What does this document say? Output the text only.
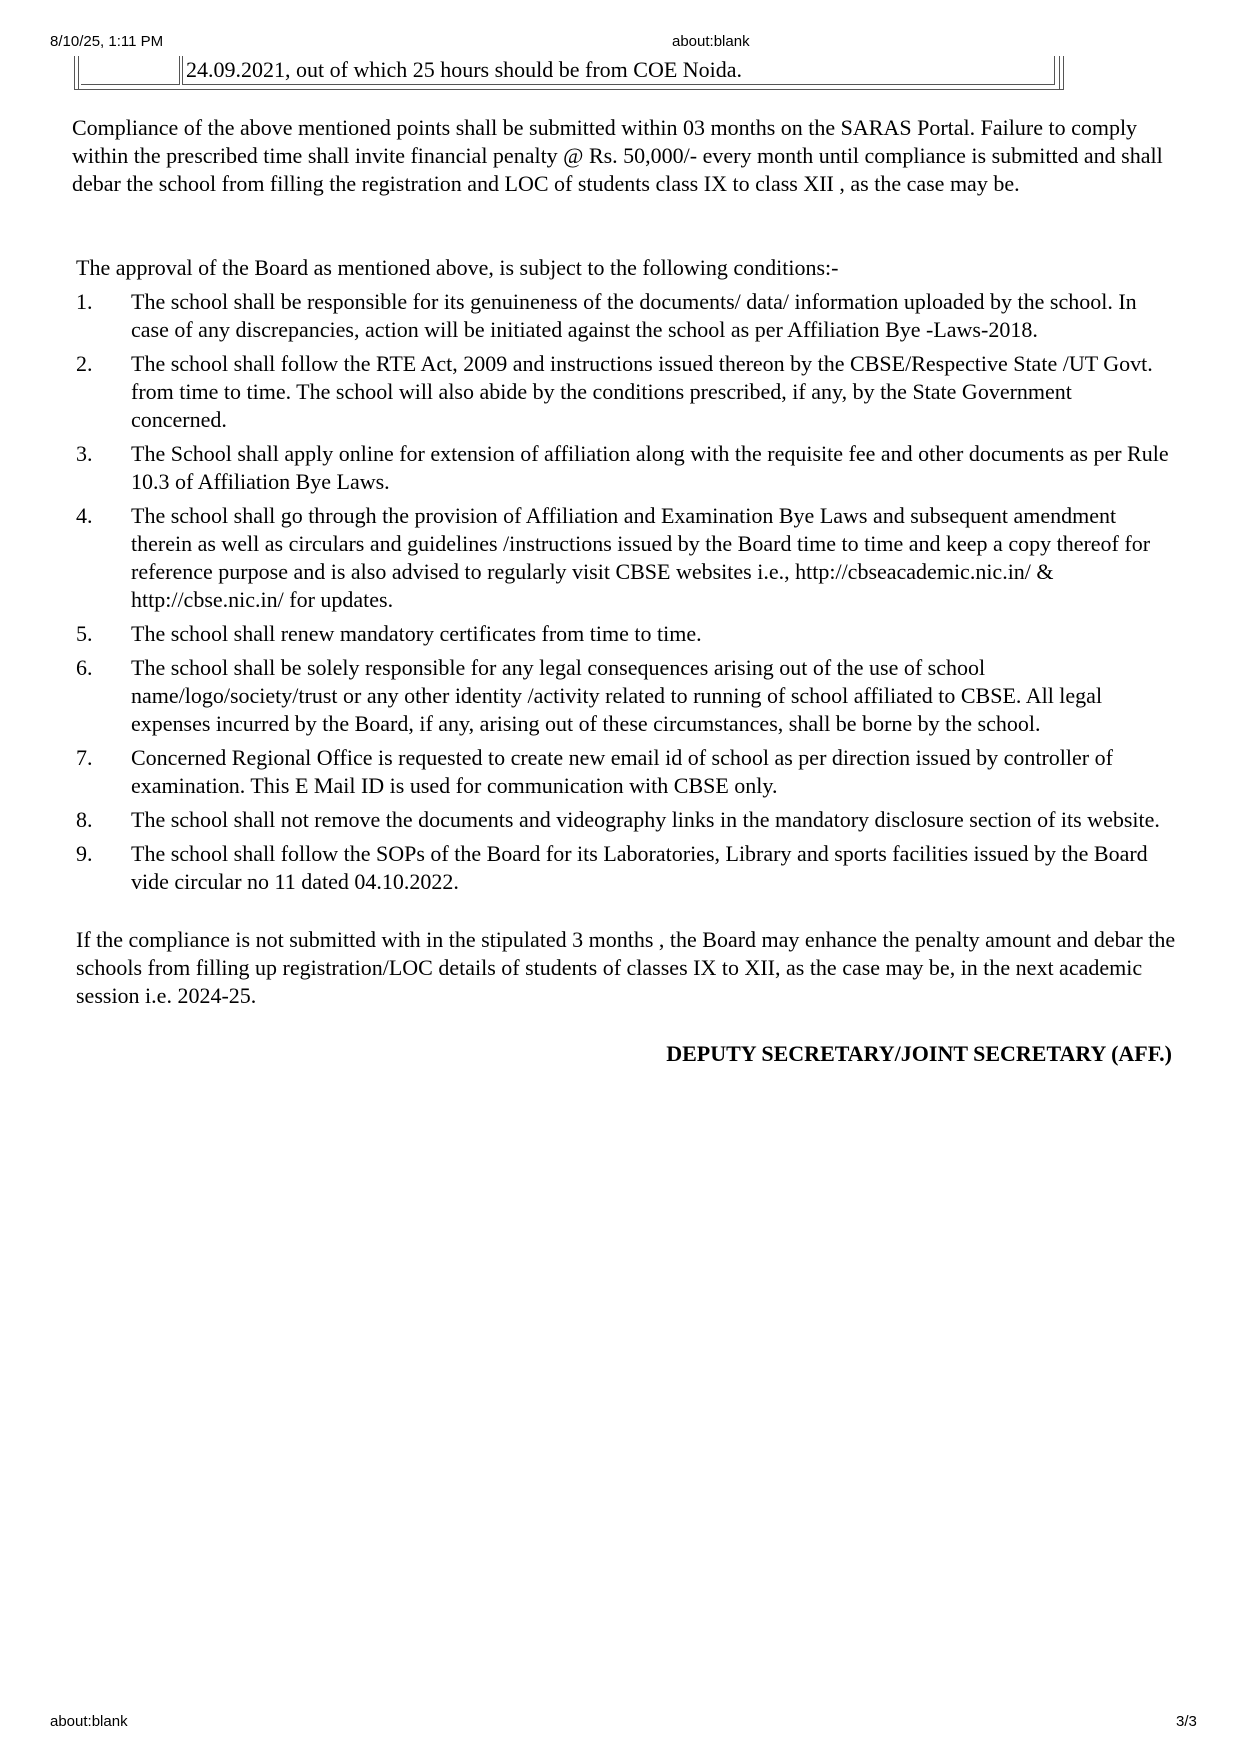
8/10/25, 1:11 PM	about:blank
24.09.2021, out of which 25 hours should be from COE Noida.
Compliance of the above mentioned points shall be submitted within 03 months on the SARAS Portal. Failure to comply within the prescribed time shall invite financial penalty @ Rs. 50,000/- every month until compliance is submitted and shall debar the school from filling the registration and LOC of students class IX to class XII , as the case may be.
The approval of the Board as mentioned above, is subject to the following conditions:-
1. The school shall be responsible for its genuineness of the documents/ data/ information uploaded by the school. In case of any discrepancies, action will be initiated against the school as per Affiliation Bye -Laws-2018.
2. The school shall follow the RTE Act, 2009 and instructions issued thereon by the CBSE/Respective State /UT Govt. from time to time. The school will also abide by the conditions prescribed, if any, by the State Government concerned.
3. The School shall apply online for extension of affiliation along with the requisite fee and other documents as per Rule 10.3 of Affiliation Bye Laws.
4. The school shall go through the provision of Affiliation and Examination Bye Laws and subsequent amendment therein as well as circulars and guidelines /instructions issued by the Board time to time and keep a copy thereof for reference purpose and is also advised to regularly visit CBSE websites i.e., http://cbseacademic.nic.in/ & http://cbse.nic.in/ for updates.
5. The school shall renew mandatory certificates from time to time.
6. The school shall be solely responsible for any legal consequences arising out of the use of school name/logo/society/trust or any other identity /activity related to running of school affiliated to CBSE. All legal expenses incurred by the Board, if any, arising out of these circumstances, shall be borne by the school.
7. Concerned Regional Office is requested to create new email id of school as per direction issued by controller of examination. This E Mail ID is used for communication with CBSE only.
8. The school shall not remove the documents and videography links in the mandatory disclosure section of its website.
9. The school shall follow the SOPs of the Board for its Laboratories, Library and sports facilities issued by the Board vide circular no 11 dated 04.10.2022.
If the compliance is not submitted with in the stipulated 3 months , the Board may enhance the penalty amount and debar the schools from filling up registration/LOC details of students of classes IX to XII, as the case may be, in the next academic session i.e. 2024-25.
DEPUTY SECRETARY/JOINT SECRETARY (AFF.)
about:blank	3/3
